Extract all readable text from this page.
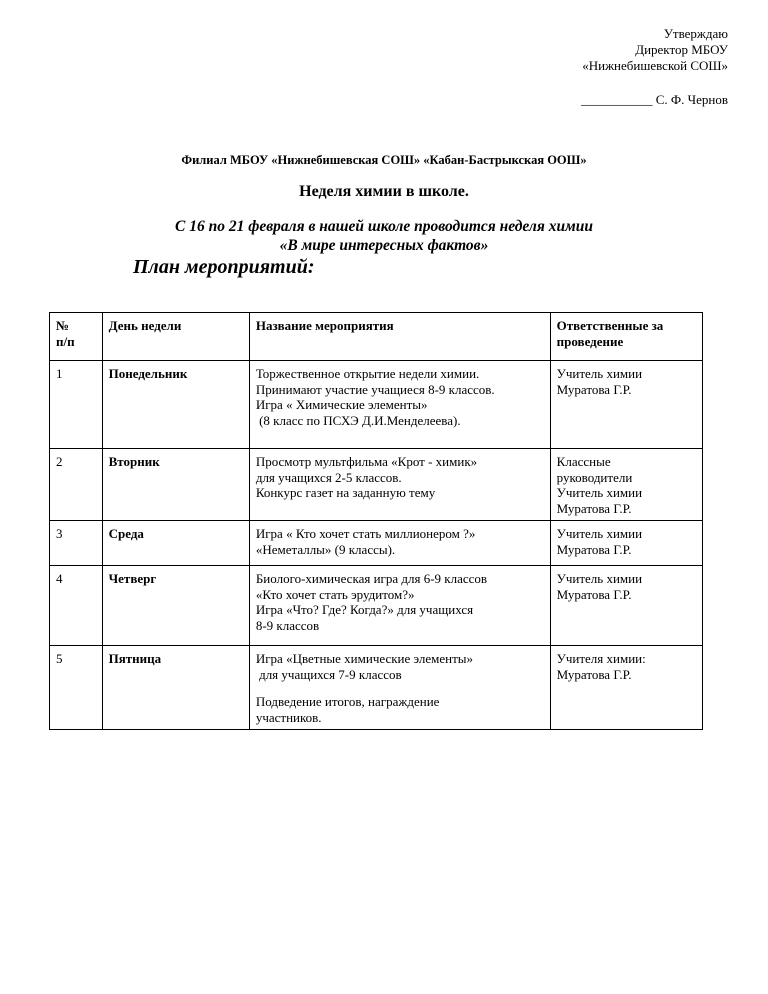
Утверждаю
Директор МБОУ
«Нижнебишевской СОШ»
___________ С. Ф. Чернов
Филиал МБОУ «Нижнебишевская СОШ» «Кабан-Бастрыкская ООШ»
Неделя химии в школе.
С 16 по 21 февраля в нашей школе проводится неделя химии
«В мире интересных фактов»
План мероприятий:
№
п/п	День недели	Название мероприятия	Ответственные за
проведение

1	Понедельник	Торжественное открытие недели химии.
Принимают участие учащиеся 8-9 классов.
Игра « Химические элементы»
(8 класс по ПСХЭ Д.И.Менделеева).	Учитель химии
Муратова Г.Р.

2	Вторник	Просмотр мультфильма «Крот - химик»
для учащихся 2-5 классов.
Конкурс газет на заданную тему	Классные
руководители
Учитель химии
Муратова Г.Р.

3	Среда	Игра « Кто хочет стать миллионером ?»
«Неметаллы» (9 классы).	Учитель химии
Муратова Г.Р.

4	Четверг	Биолого-химическая игра для 6-9 классов
«Кто хочет стать эрудитом?»
Игра «Что? Где? Когда?» для учащихся
8-9 классов	Учитель химии
Муратова Г.Р.

5	Пятница	Игра «Цветные химические элементы»
для учащихся 7-9 классов
Подведение итогов, награждение
участников.	Учителя химии:
Муратова Г.Р.
